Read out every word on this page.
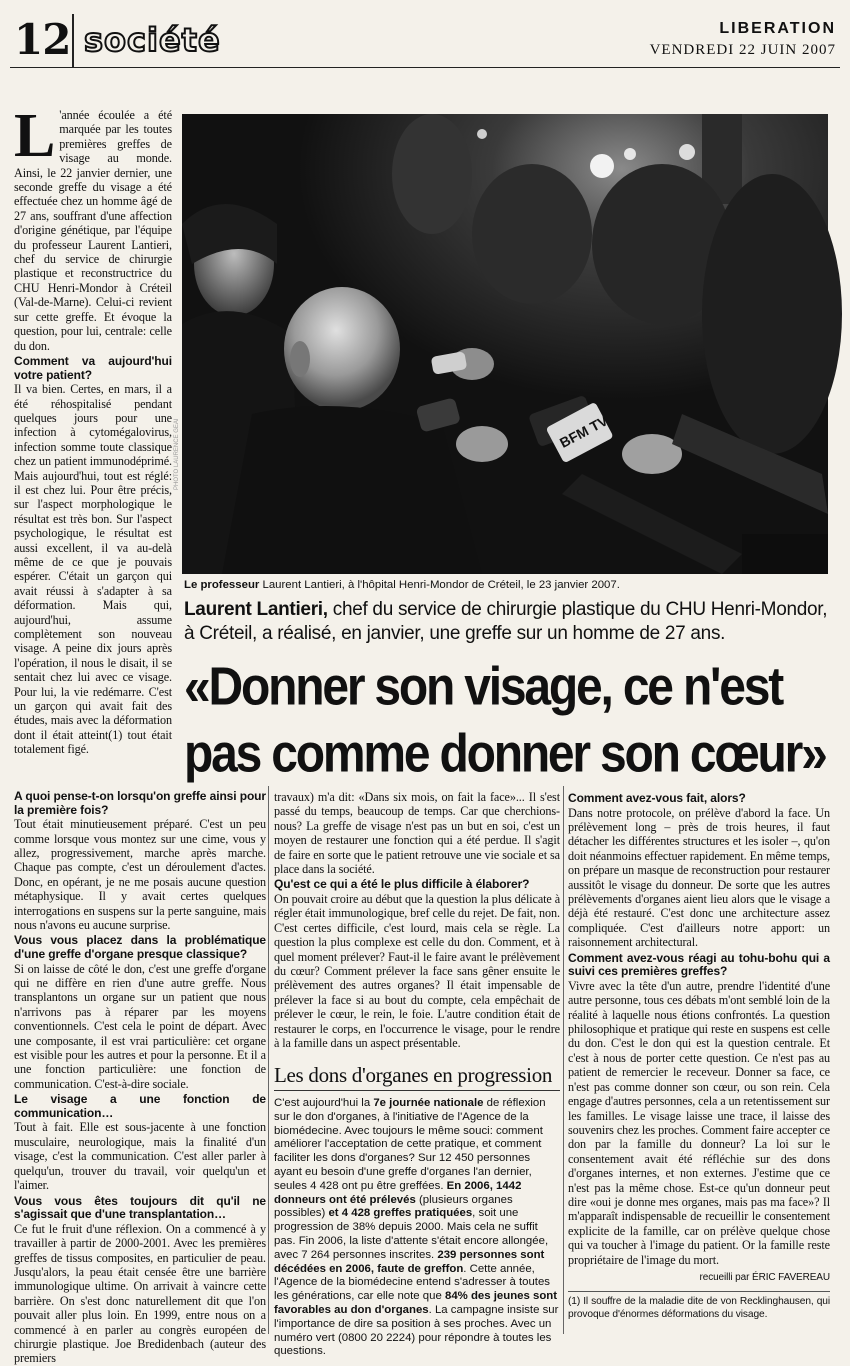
12 société	LIBERATION
VENDREDI 22 JUIN 2007
BFM TV
PHOTO LAURENCE GEAI
Le professeur Laurent Lantieri, à l'hôpital Henri-Mondor de Créteil, le 23 janvier 2007.
Laurent Lantieri, chef du service de chirurgie plastique du CHU Henri-Mondor, à Créteil, a réalisé, en janvier, une greffe sur un homme de 27 ans.
«Donner son visage, ce n'est pas comme donner son cœur»

L 'année écoulée a été marquée par les toutes premières greffes de visage au monde. Ainsi, le 22 janvier dernier, une seconde greffe du visage a été effectuée chez un homme âgé de 27 ans, souffrant d'une affection d'origine génétique, par l'équipe du professeur Laurent Lantieri, chef du service de chirurgie plastique et reconstructrice du CHU Henri-Mondor à Créteil (Val-de-Marne). Celui-ci revient sur cette greffe. Et évoque la question, pour lui, centrale: celle du don.

Comment va aujourd'hui votre patient?

Il va bien. Certes, en mars, il a été réhospitalisé pendant quelques jours pour une infection à cytomégalovirus, infection somme toute classique chez un patient immunodéprimé. Mais aujourd'hui, tout est réglé: il est chez lui. Pour être précis, sur l'aspect morphologique le résultat est très bon. Sur l'aspect psychologique, le résultat est aussi excellent, il va au-delà même de ce que je pouvais espérer. C'était un garçon qui avait réussi à s'adapter à sa déformation. Mais qui, aujourd'hui, assume complètement son nouveau visage. A peine dix jours après l'opération, il nous le disait, il se sentait chez lui avec ce visage. Pour lui, la vie redémarre. C'est un garçon qui avait fait des études, mais avec la déformation dont il était atteint(1) tout était totalement figé.

A quoi pense-t-on lorsqu'on greffe ainsi pour la première fois?

Tout était minutieusement préparé. C'est un peu comme lorsque vous montez sur une cime, vous y allez, progressivement, marche après marche. Chaque pas compte, c'est un déroulement d'actes. Donc, en opérant, je ne me posais aucune question métaphysique. Il y avait certes quelques interrogations en suspens sur la perte sanguine, mais nous n'avons eu aucune surprise.

Vous vous placez dans la problématique d'une greffe d'organe presque classique?

Si on laisse de côté le don, c'est une greffe d'organe qui ne diffère en rien d'une autre greffe. Nous transplantons un organe sur un patient que nous n'arrivons pas à réparer par les moyens conventionnels. C'est cela le point de départ. Avec une composante, il est vrai particulière: cet organe est visible pour les autres et pour la personne. Et il a une fonction particulière: une fonction de communication. C'est-à-dire sociale.

Le visage a une fonction de communication…

Tout à fait. Elle est sous-jacente à une fonction musculaire, neurologique, mais la finalité d'un visage, c'est la communication. C'est aller parler à quelqu'un, trouver du travail, voir quelqu'un et l'aimer.

Vous vous êtes toujours dit qu'il ne s'agissait que d'une transplantation…

Ce fut le fruit d'une réflexion. On a commencé à y travailler à partir de 2000-2001. Avec les premières greffes de tissus composites, en particulier de peau. Jusqu'alors, la peau était censée être une barrière immunologique ultime. On arrivait à vaincre cette barrière. On s'est donc naturellement dit que l'on pouvait aller plus loin. En 1999, entre nous on a commencé à en parler au congrès européen de chirurgie plastique. Joe Bredidenbach (auteur des premiers

travaux) m'a dit: «Dans six mois, on fait la face»... Il s'est passé du temps, beaucoup de temps. Car que cherchions-nous? La greffe de visage n'est pas un but en soi, c'est un moyen de restaurer une fonction qui a été perdue. Il s'agit de faire en sorte que le patient retrouve une vie sociale et sa place dans la société.

Qu'est ce qui a été le plus difficile à élaborer?

On pouvait croire au début que la question la plus délicate à régler était immunologique, bref celle du rejet. De fait, non. C'est certes difficile, c'est lourd, mais cela se règle. La question la plus complexe est celle du don. Comment, et à quel moment prélever? Faut-il le faire avant le prélèvement du cœur? Comment prélever la face sans gêner ensuite le prélèvement des autres organes? Il était impensable de prélever la face si au bout du compte, cela empêchait de prélever le cœur, le rein, le foie. L'autre condition était de restaurer le corps, en l'occurrence le visage, pour le rendre à la famille dans un aspect présentable.

Les dons d'organes en progression

C'est aujourd'hui la 7e journée nationale de réflexion sur le don d'organes, à l'initiative de l'Agence de la biomédecine. Avec toujours le même souci: comment améliorer l'acceptation de cette pratique, et comment faciliter les dons d'organes? Sur 12 450 personnes ayant eu besoin d'une greffe d'organes l'an dernier, seules 4 428 ont pu être greffées. En 2006, 1442 donneurs ont été prélevés (plusieurs organes possibles) et 4 428 greffes pratiquées, soit une progression de 38% depuis 2000. Mais cela ne suffit pas. Fin 2006, la liste d'attente s'était encore allongée, avec 7 264 personnes inscrites. 239 personnes sont décédées en 2006, faute de greffon. Cette année, l'Agence de la biomédecine entend s'adresser à toutes les générations, car elle note que 84% des jeunes sont favorables au don d'organes. La campagne insiste sur l'importance de dire sa position à ses proches. Avec un numéro vert (0800 20 2224) pour répondre à toutes les questions.

Comment avez-vous fait, alors?

Dans notre protocole, on prélève d'abord la face. Un prélèvement long – près de trois heures, il faut détacher les différentes structures et les isoler –, qu'on doit néanmoins effectuer rapidement. En même temps, on prépare un masque de reconstruction pour restaurer aussitôt le visage du donneur. De sorte que les autres prélèvements d'organes aient lieu alors que le visage a déjà été restauré. C'est donc une architecture assez compliquée. C'est d'ailleurs notre apport: un raisonnement architectural.

Comment avez-vous réagi au tohu-bohu qui a suivi ces premières greffes?

Vivre avec la tête d'un autre, prendre l'identité d'une autre personne, tous ces débats m'ont semblé loin de la réalité à laquelle nous étions confrontés. La question philosophique et pratique qui reste en suspens est celle du don. C'est le don qui est la question centrale. Et c'est à nous de porter cette question. Ce n'est pas au patient de remercier le receveur. Donner sa face, ce n'est pas comme donner son cœur, ou son rein. Cela engage d'autres personnes, cela a un retentissement sur les familles. Le visage laisse une trace, il laisse des souvenirs chez les proches. Comment faire accepter ce don par la famille du donneur? La loi sur le consentement avait été réfléchie sur des dons d'organes internes, et non externes. J'estime que ce n'est pas la même chose. Est-ce qu'un donneur peut dire «oui je donne mes organes, mais pas ma face»? Il m'apparaît indispensable de recueillir le consentement explicite de la famille, car on prélève quelque chose qui va toucher à l'image du patient. Or la famille reste propriétaire de l'image du mort.

recueilli par ÉRIC FAVEREAU

(1) Il souffre de la maladie dite de von Recklinghausen, qui provoque d'énormes déformations du visage.
